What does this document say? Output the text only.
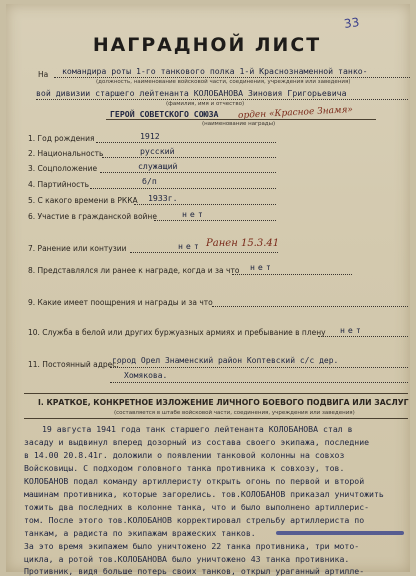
33
НАГРАДНОЙ ЛИСТ
На командира роты 1-го танкового полка 1-й Краснознаменной танко-
(должность, наименование войсковой части, соединения, учреждения или заведения)
вой дивизии старшего лейтенанта КОЛОБАНОВА Зиновия Григорьевича
(фамилия, имя и отчество)
ГЕРОЙ СОВЕТСКОГО СОЮЗА орден «Красное Знамя»
(наименование награды)
1. Год рождения	1912
2. Национальность	русский
3. Соцположение	служащий
4. Партийность	б/п
5. С какого времени в РККА 1933г.
6. Участие в гражданской войне	нет
7. Ранение или контузии	нет Ранен 15.3.41
8. Представлялся ли ранее к награде, когда и за что нет
9. Какие имеет поощрения и награды и за что
10. Служба в белой или других буржуазных армиях и пребывание в плену нет
11. Постоянный адрес:
город Орел Знаменский район Коптевский с/с дер.
Хомякова.
I. КРАТКОЕ, КОНКРЕТНОЕ ИЗЛОЖЕНИЕ ЛИЧНОГО БОЕВОГО ПОДВИГА ИЛИ ЗАСЛУГ
(составляется в штабе войсковой части, соединения, учреждения или заведения)
19 августа 1941 года танк старшего лейтенанта КОЛОБАНОВА стал в
засаду и выдвинул вперед дозорный из состава своего экипажа, последние
в 14.00 20.8.41г. доложили о появлении танковой колонны на совхоз
Войсковицы. С подходом головного танка противника к совхозу, тов.
КОЛОБАНОВ подал команду артиллеристу открыть огонь по первой и второй
машинам противника, которые загорелись. тов.КОЛОБАНОВ приказал уничтожить
тожить два последних в колонне танка, что и было выполнено артиллерис-
том. После этого тов.КОЛОБАНОВ корректировал стрельбу артиллериста по
танкам, а радиста по экипажам вражеских танков.
За это время экипажем было уничтожено 22 танка противника, три мото-
цикла, а ротой тов.КОЛОБАНОВА было уничтожено 43 танка противника.
Противник, видя больше потерь своих танков, открыл ураганный артилле-
